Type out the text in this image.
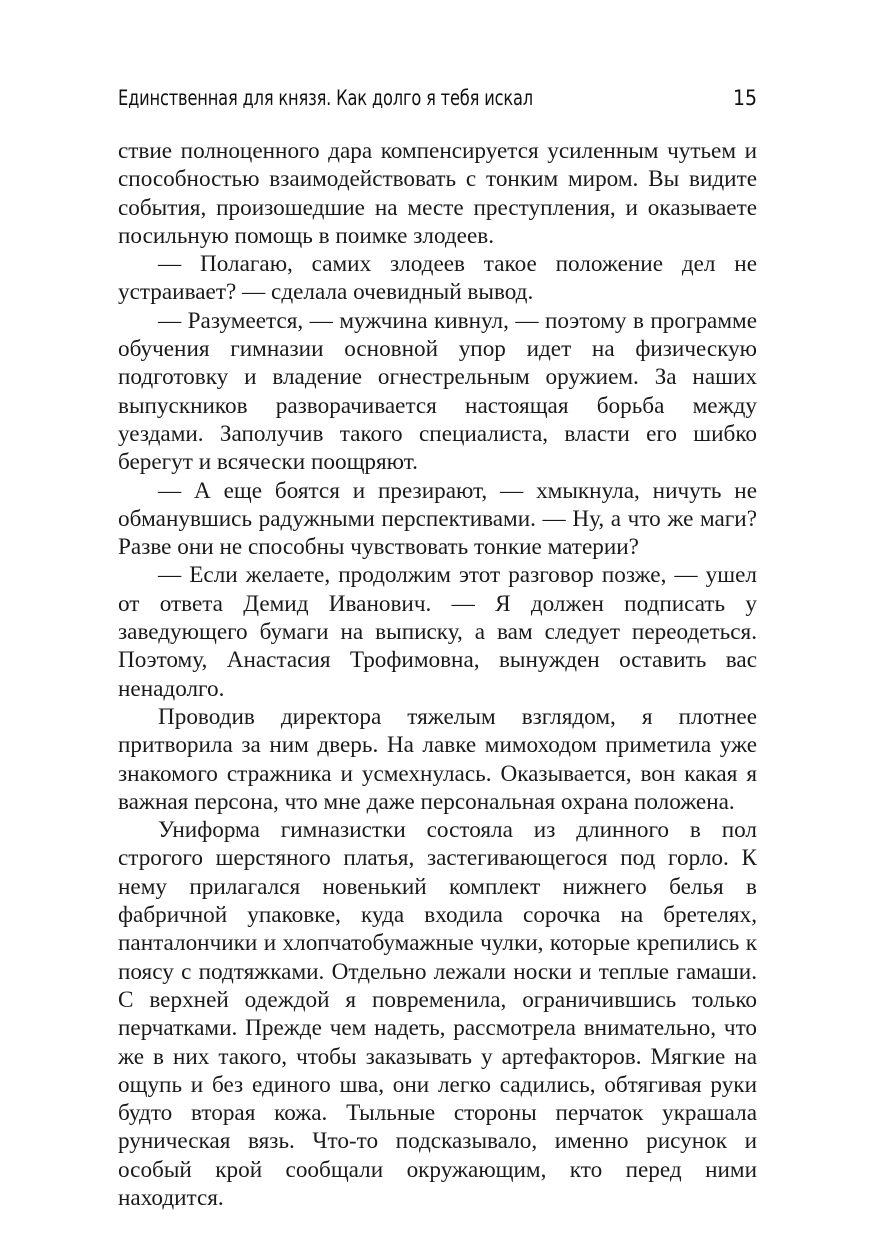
Единственная для князя. Как долго я тебя искал	15

ствие полноценного дара компенсируется усиленным чутьем и способностью взаимодействовать с тонким миром. Вы видите события, произошедшие на месте преступления, и оказываете посильную помощь в поимке злодеев.

— Полагаю, самих злодеев такое положение дел не устраивает? — сделала очевидный вывод.

— Разумеется, — мужчина кивнул, — поэтому в программе обучения гимназии основной упор идет на физическую подготовку и владение огнестрельным оружием. За наших выпускников разворачивается настоящая борьба между уездами. Заполучив такого специалиста, власти его шибко берегут и всячески поощряют.

— А еще боятся и презирают, — хмыкнула, ничуть не обманувшись радужными перспективами. — Ну, а что же маги? Разве они не способны чувствовать тонкие материи?

— Если желаете, продолжим этот разговор позже, — ушел от ответа Демид Иванович. — Я должен подписать у заведующего бумаги на выписку, а вам следует переодеться. Поэтому, Анастасия Трофимовна, вынужден оставить вас ненадолго.

Проводив директора тяжелым взглядом, я плотнее притворила за ним дверь. На лавке мимоходом приметила уже знакомого стражника и усмехнулась. Оказывается, вон какая я важная персона, что мне даже персональная охрана положена.

Униформа гимназистки состояла из длинного в пол строгого шерстяного платья, застегивающегося под горло. К нему прилагался новенький комплект нижнего белья в фабричной упаковке, куда входила сорочка на бретелях, панталончики и хлопчатобумажные чулки, которые крепились к поясу с подтяжками. Отдельно лежали носки и теплые гамаши. С верхней одеждой я повременила, ограничившись только перчатками. Прежде чем надеть, рассмотрела внимательно, что же в них такого, чтобы заказывать у артефакторов. Мягкие на ощупь и без единого шва, они легко садились, обтягивая руки будто вторая кожа. Тыльные стороны перчаток украшала руническая вязь. Что-то подсказывало, именно рисунок и особый крой сообщали окружающим, кто перед ними находится.
